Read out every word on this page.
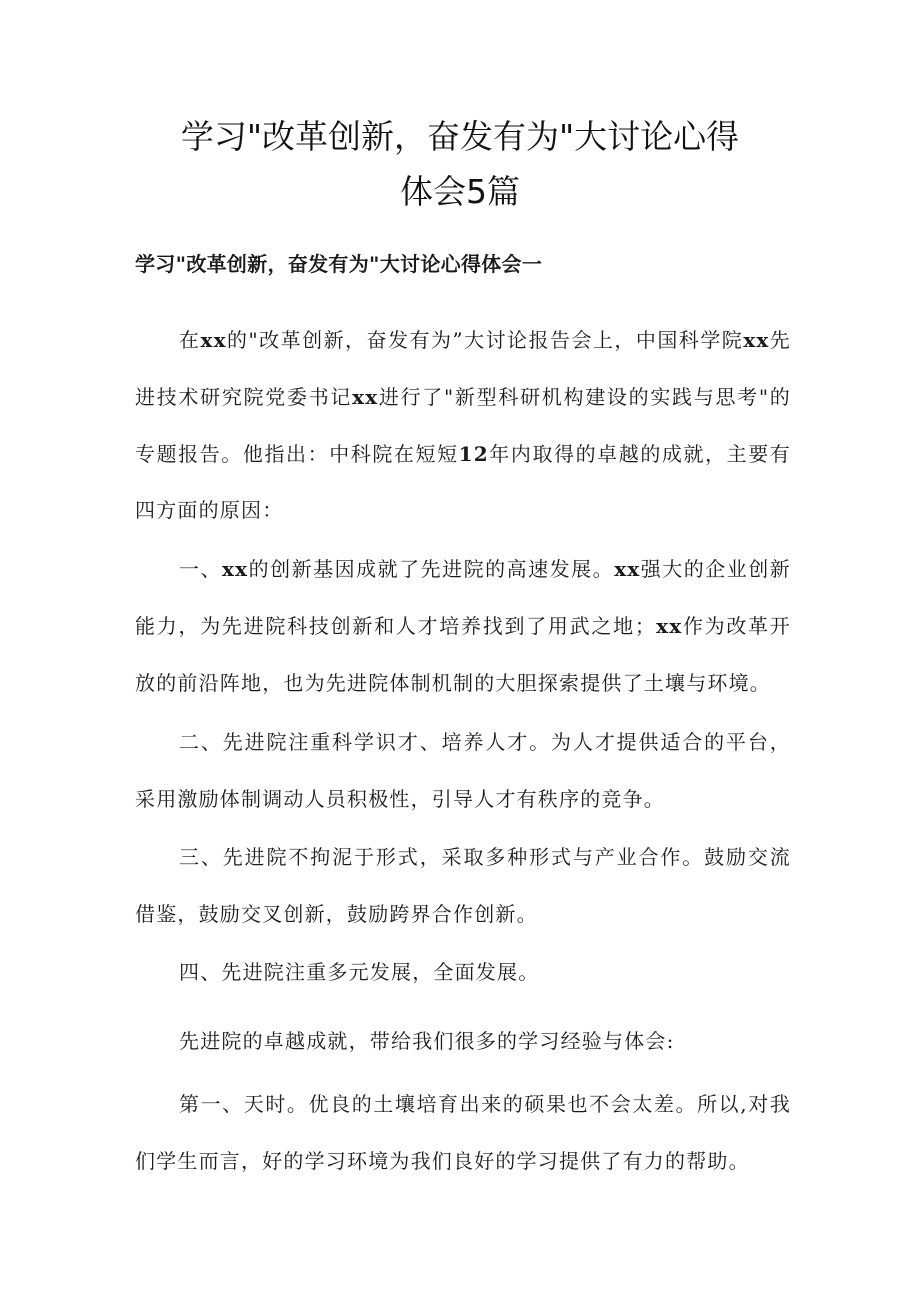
学习"改革创新，奋发有为"大讨论心得
体会5篇
学习"改革创新，奋发有为"大讨论心得体会一

在xx的"改革创新，奋发有为”大讨论报告会上，中国科学院xx先进技术研究院党委书记xx进行了"新型科研机构建设的实践与思考"的专题报告。他指出：中科院在短短12年内取得的卓越的成就，主要有四方面的原因：

一、xx的创新基因成就了先进院的高速发展。xx强大的企业创新能力，为先进院科技创新和人才培养找到了用武之地；xx作为改革开放的前沿阵地，也为先进院体制机制的大胆探索提供了土壤与环境。

二、先进院注重科学识才、培养人才。为人才提供适合的平台，采用激励体制调动人员积极性，引导人才有秩序的竞争。

三、先进院不拘泥于形式，采取多种形式与产业合作。鼓励交流借鉴，鼓励交叉创新，鼓励跨界合作创新。

四、先进院注重多元发展，全面发展。

先进院的卓越成就，带给我们很多的学习经验与体会:

第一、天时。优良的土壤培育出来的硕果也不会太差。所以,对我们学生而言，好的学习环境为我们良好的学习提供了有力的帮助。
